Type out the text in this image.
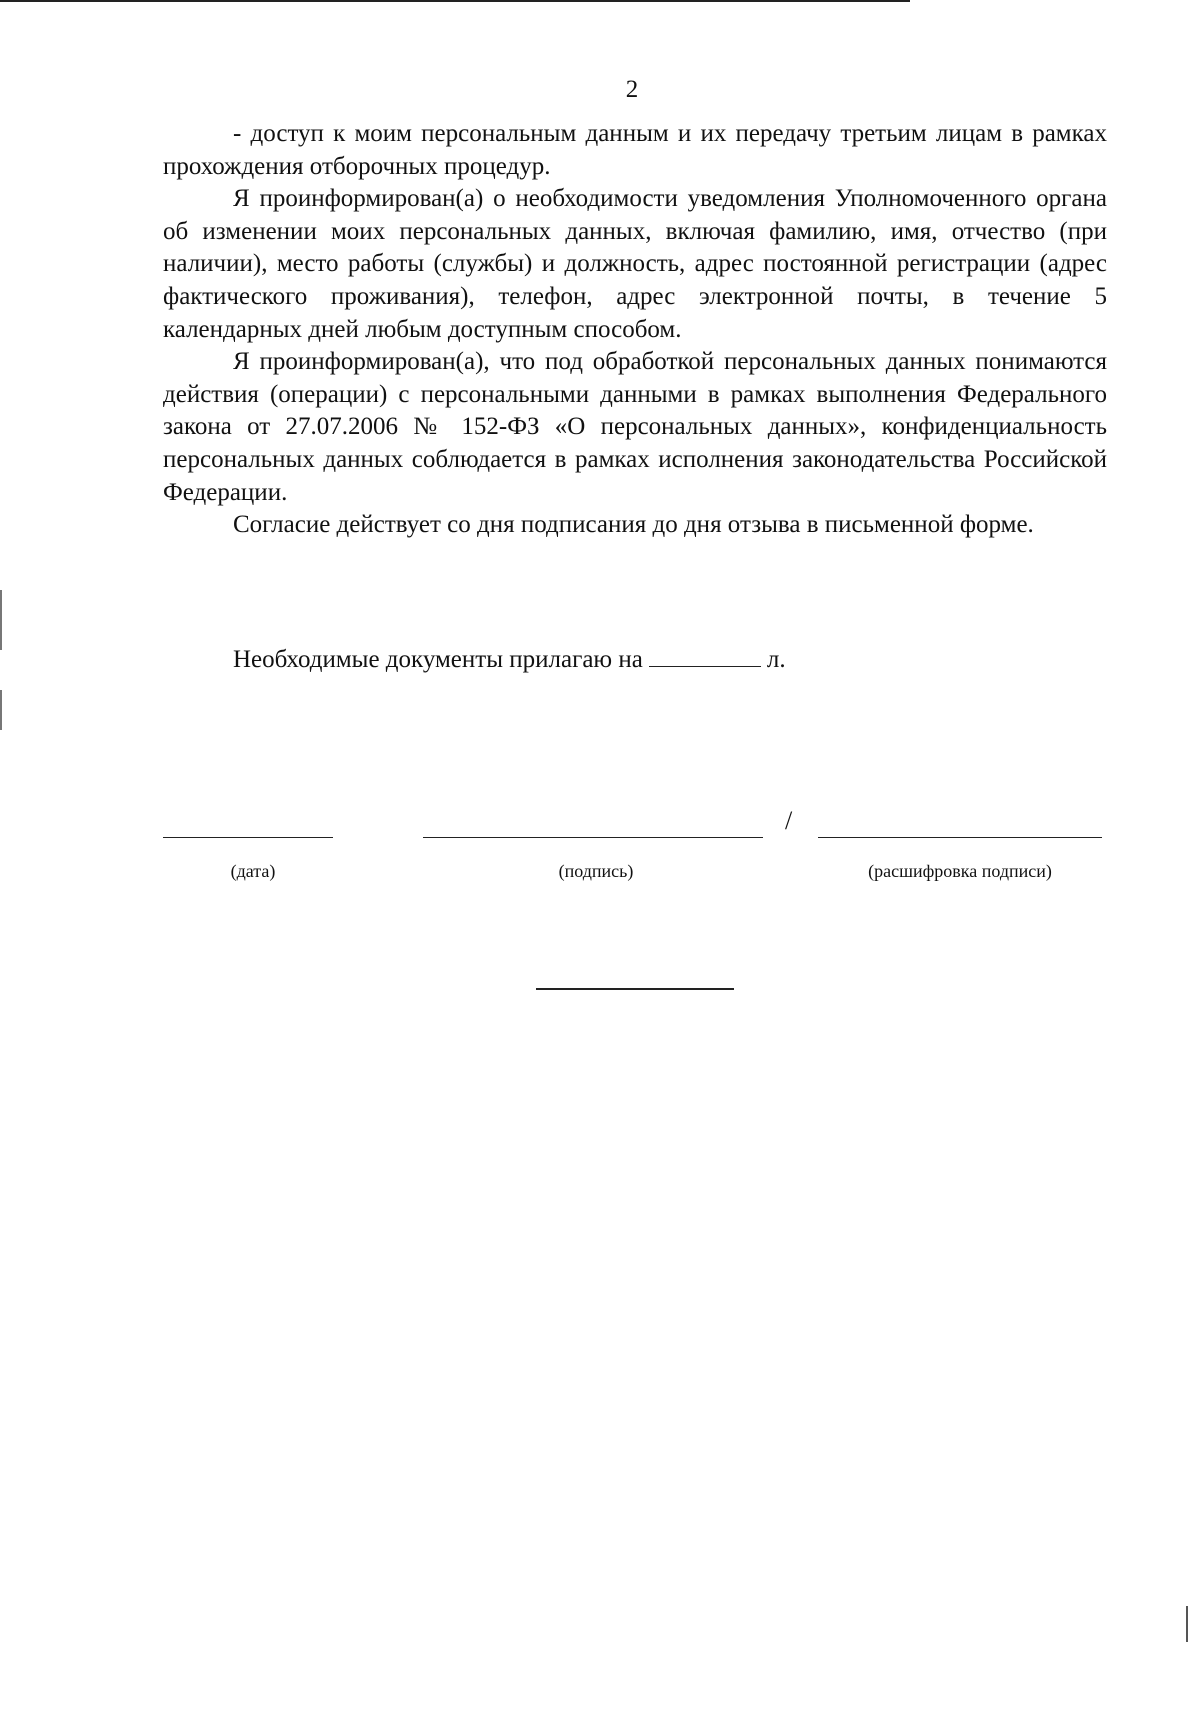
2

- доступ к моим персональным данным и их передачу третьим лицам в рамках прохождения отборочных процедур.

Я проинформирован(а) о необходимости уведомления Уполномоченного органа об изменении моих персональных данных, включая фамилию, имя, отчество (при наличии), место работы (службы) и должность, адрес постоянной регистрации (адрес фактического проживания), телефон, адрес электронной почты, в течение 5 календарных дней любым доступным способом.

Я проинформирован(а), что под обработкой персональных данных понимаются действия (операции) с персональными данными в рамках выполнения Федерального закона от 27.07.2006 № 152-ФЗ «О персональных данных», конфиденциальность персональных данных соблюдается в рамках исполнения законодательства Российской Федерации.

Согласие действует со дня подписания до дня отзыва в письменной форме.

Необходимые документы прилагаю на	л.
/
(дата)	(подпись)	(расшифровка подписи)
